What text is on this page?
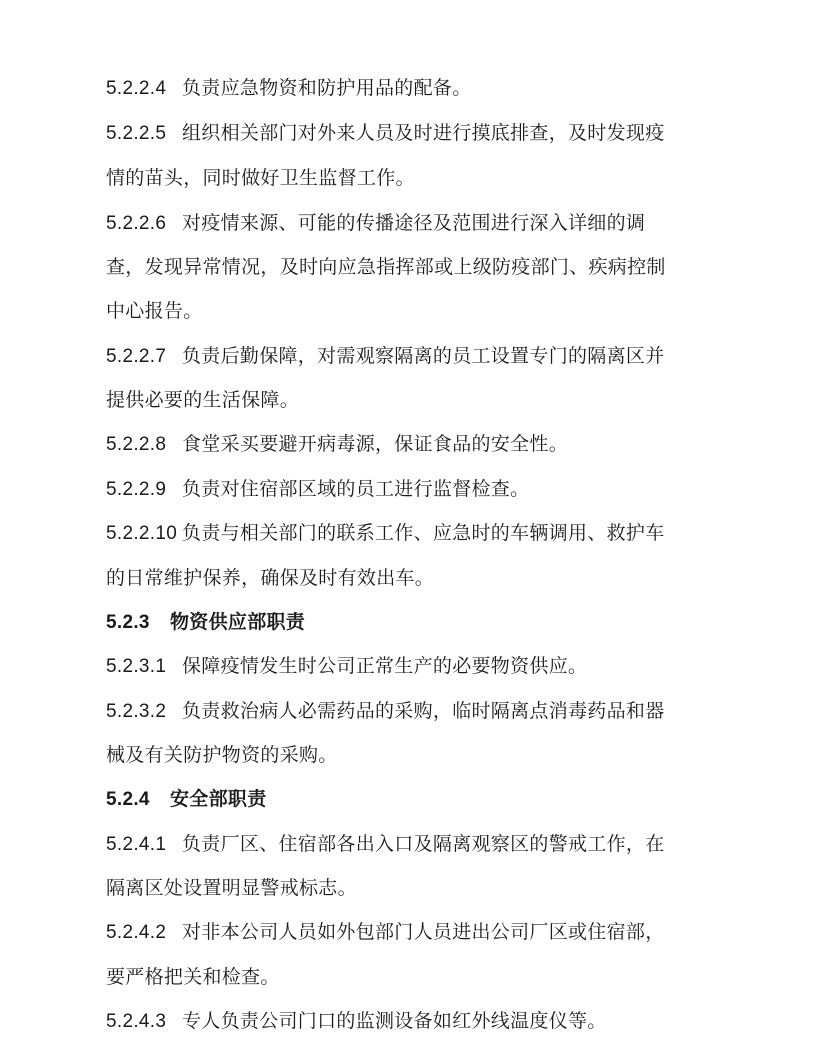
5.2.2.4 负责应急物资和防护用品的配备。
5.2.2.5 组织相关部门对外来人员及时进行摸底排查，及时发现疫
情的苗头，同时做好卫生监督工作。
5.2.2.6 对疫情来源、可能的传播途径及范围进行深入详细的调
查，发现异常情况，及时向应急指挥部或上级防疫部门、疾病控制
中心报告。
5.2.2.7 负责后勤保障，对需观察隔离的员工设置专门的隔离区并
提供必要的生活保障。
5.2.2.8 食堂采买要避开病毒源，保证食品的安全性。
5.2.2.9 负责对住宿部区域的员工进行监督检查。
5.2.2.10 负责与相关部门的联系工作、应急时的车辆调用、救护车
的日常维护保养，确保及时有效出车。
5.2.3 物资供应部职责
5.2.3.1 保障疫情发生时公司正常生产的必要物资供应。
5.2.3.2 负责救治病人必需药品的采购，临时隔离点消毒药品和器
械及有关防护物资的采购。
5.2.4 安全部职责
5.2.4.1 负责厂区、住宿部各出入口及隔离观察区的警戒工作，在
隔离区处设置明显警戒标志。
5.2.4.2 对非本公司人员如外包部门人员进出公司厂区或住宿部，
要严格把关和检查。
5.2.4.3 专人负责公司门口的监测设备如红外线温度仪等。
